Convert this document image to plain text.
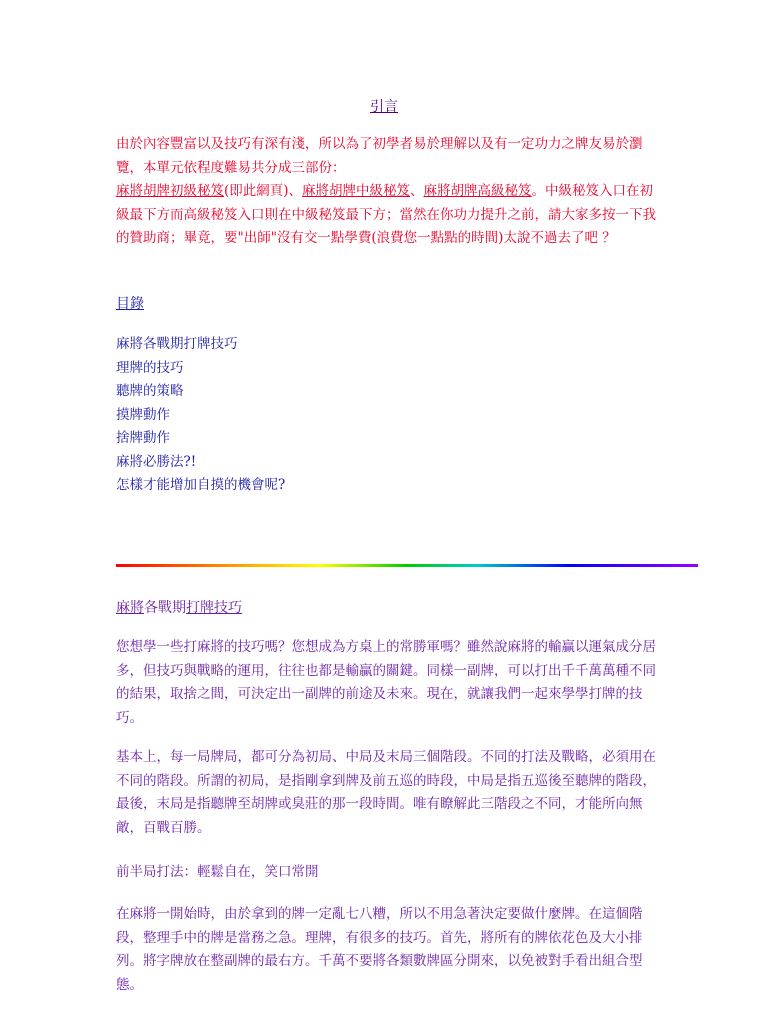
引言
由於內容豐富以及技巧有深有淺，所以為了初學者易於理解以及有一定功力之牌友易於瀏覽，本單元依程度難易共分成三部份：
麻將胡牌初級秘笈(即此網頁)、麻將胡牌中級秘笈、麻將胡牌高級秘笈。中級秘笈入口在初級最下方而高級秘笈入口則在中級秘笈最下方；當然在你功力提升之前，請大家多按一下我的贊助商；畢竟，要"出師"沒有交一點學費(浪費您一點點的時間)太說不過去了吧 ？
目錄
麻將各戰期打牌技巧
理牌的技巧
聽牌的策略
摸牌動作
捨牌動作
麻將必勝法?!
怎樣才能增加自摸的機會呢?
麻將各戰期打牌技巧

您想學一些打麻將的技巧嗎？您想成為方桌上的常勝軍嗎？雖然說麻將的輸贏以運氣成分居多，但技巧與戰略的運用，往往也都是輸贏的關鍵。同樣一副牌，可以打出千千萬萬種不同的結果，取捨之間，可決定出一副牌的前途及未來。現在，就讓我們一起來學學打牌的技巧。

基本上，每一局牌局，都可分為初局、中局及末局三個階段。不同的打法及戰略，必須用在不同的階段。所謂的初局，是指剛拿到牌及前五巡的時段，中局是指五巡後至聽牌的階段，最後，末局是指聽牌至胡牌或臭莊的那一段時間。唯有瞭解此三階段之不同，才能所向無敵，百戰百勝。

前半局打法：輕鬆自在，笑口常開

在麻將一開始時，由於拿到的牌一定亂七八糟，所以不用急著決定要做什麼牌。在這個階段，整理手中的牌是當務之急。理牌，有很多的技巧。首先，將所有的牌依花色及大小排列。將字牌放在整副牌的最右方。千萬不要將各類數牌區分開來，以免被對手看出組合型態。
